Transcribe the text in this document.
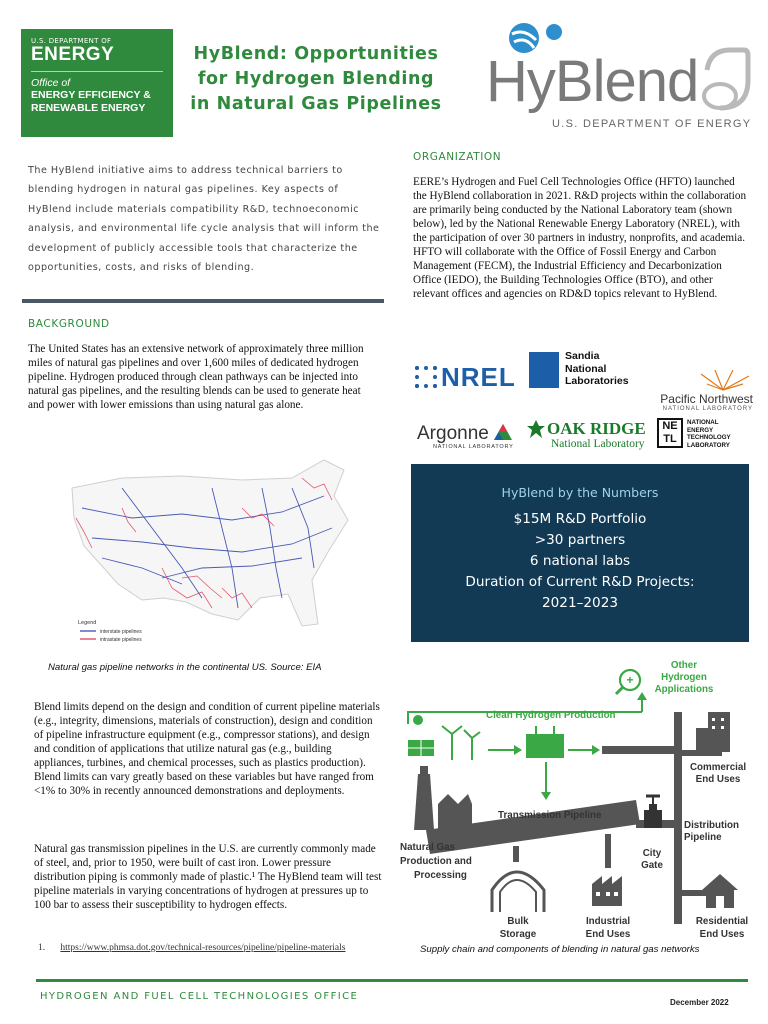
U.S. DEPARTMENT OF
ENERGY
Office of
ENERGY EFFICIENCY &
RENEWABLE ENERGY
HyBlend: Opportunities
for Hydrogen Blending
in Natural Gas Pipelines HyBlend
U.S. DEPARTMENT OF ENERGY

The HyBlend initiative aims to address technical barriers to blending hydrogen in natural gas pipelines. Key aspects of HyBlend include materials compatibility R&D, technoeconomic analysis, and environmental life cycle analysis that will inform the development of publicly accessible tools that characterize the opportunities, costs, and risks of blending.

BACKGROUND

The United States has an extensive network of approximately three million miles of natural gas pipelines and over 1,600 miles of dedicated hydrogen pipeline. Hydrogen produced through clean pathways can be injected into natural gas pipelines, and the resulting blends can be used to generate heat and power with lower emissions than using natural gas alone.

Legend
interstate pipelines
intrastate pipelines
Natural gas pipeline networks in the continental US. Source: EIA

Blend limits depend on the design and condition of current pipeline materials (e.g., integrity, dimensions, materials of construction), design and condition of pipeline infrastructure equipment (e.g., compressor stations), and design and condition of applications that utilize natural gas (e.g., building appliances, turbines, and chemical processes, such as plastics production). Blend limits can vary greatly based on these variables but have ranged from <1% to 30% in recently announced demonstrations and deployments.

Natural gas transmission pipelines in the U.S. are currently commonly made of steel, and, prior to 1950, were built of cast iron. Lower pressure distribution piping is commonly made of plastic.¹ The HyBlend team will test pipeline materials in varying concentrations of hydrogen at pressures up to 100 bar to assess their susceptibility to hydrogen effects.

1. https://www.phmsa.dot.gov/technical-resources/pipeline/pipeline-materials
ORGANIZATION

EERE’s Hydrogen and Fuel Cell Technologies Office (HFTO) launched the HyBlend collaboration in 2021. R&D projects within the collaboration are primarily being conducted by the National Laboratory team (shown below), led by the National Renewable Energy Laboratory (NREL), with the participation of over 30 partners in industry, nonprofits, and academia. HFTO will collaborate with the Office of Fossil Energy and Carbon Management (FECM), the Industrial Efficiency and Decarbonization Office (IEDO), the Building Technologies Office (BTO), and other relevant offices and agencies on RD&D topics relevant to HyBlend.

NREL
Sandia
National
Laboratories
Pacific Northwest
NATIONAL LABORATORY
Argonne
NATIONAL LABORATORY
OAK RIDGE
National Laboratory
NE
TL
NATIONAL
ENERGY
TECHNOLOGY
LABORATORY
HyBlend by the Numbers
$15M R&D Portfolio
>30 partners
6 national labs
Duration of Current R&D Projects:
2021–2023
Clean Hydrogen Production
+
Other
Hydrogen
Applications
Commercial
End Uses
Transmission Pipeline
City
Gate
Distribution
Pipeline
Natural Gas
Production and
Processing
Bulk
Storage
Industrial
End Uses
Residential
End Uses
Supply chain and components of blending in natural gas networks
HYDROGEN AND FUEL CELL TECHNOLOGIES OFFICE
December 2022
